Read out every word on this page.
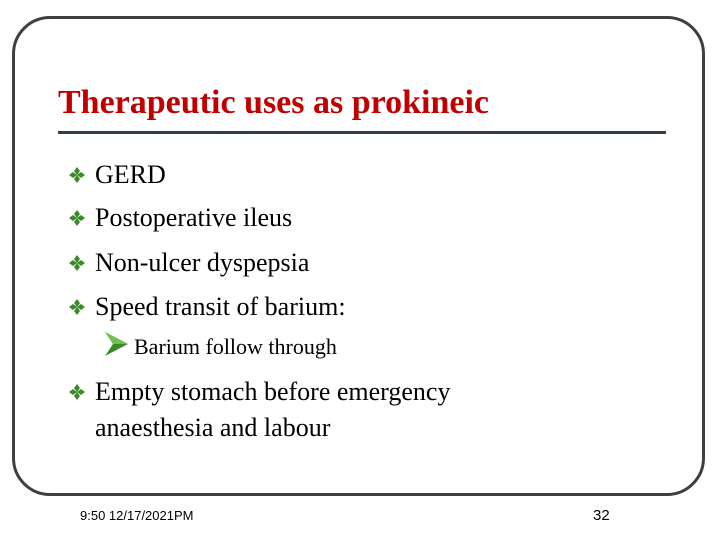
Therapeutic uses as prokineic
GERD
Postoperative ileus
Non-ulcer dyspepsia
Speed transit of barium:
Barium follow through
Empty stomach before emergency
anaesthesia and labour
9:50 12/17/2021PM	32
